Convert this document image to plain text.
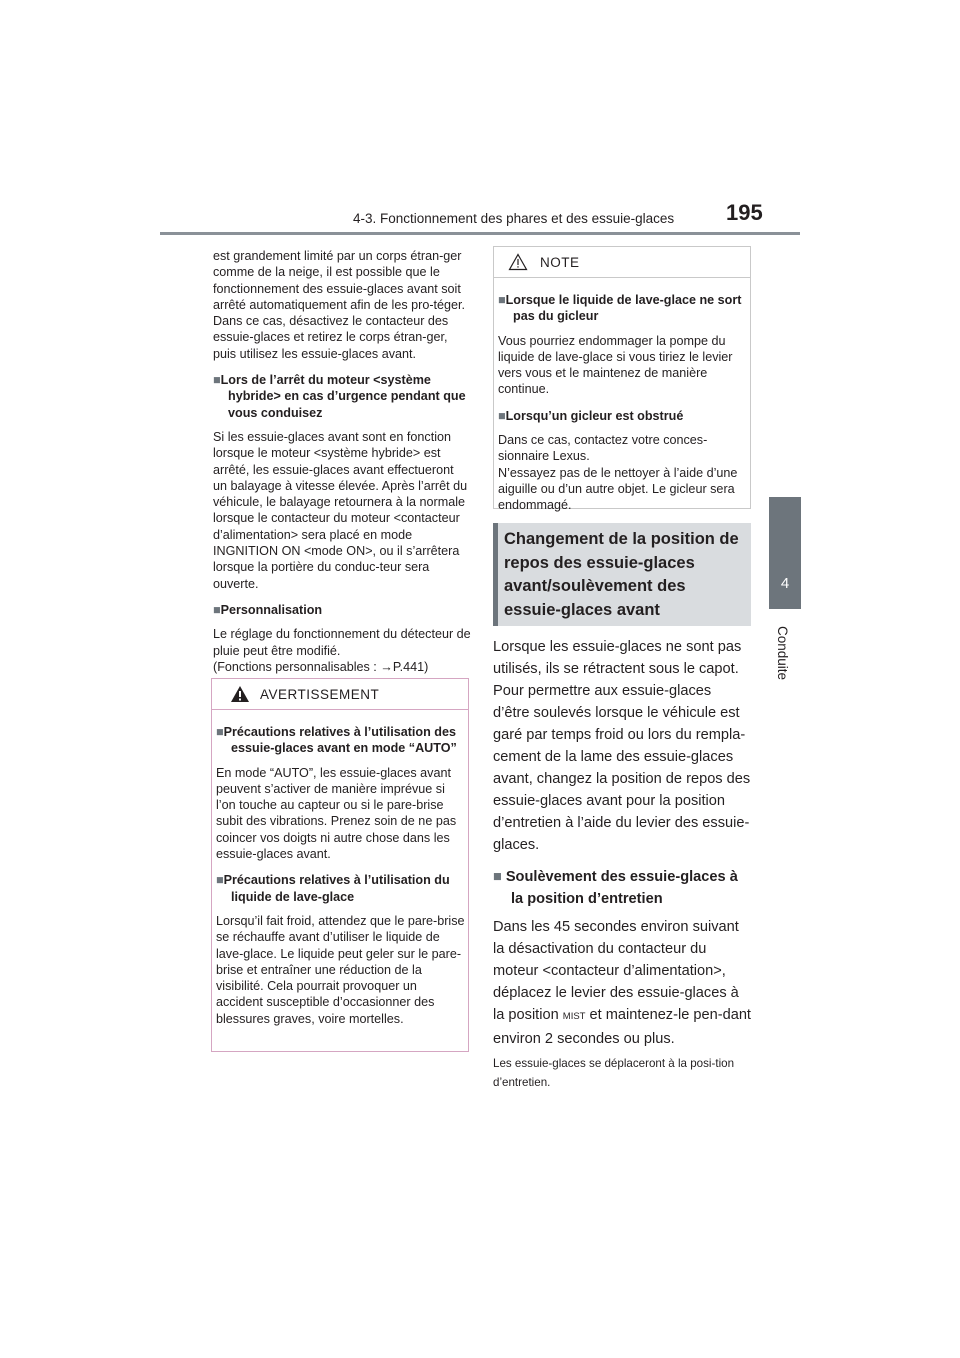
4-3. Fonctionnement des phares et des essuie-glaces 195
4
Conduite

est grandement limité par un corps étran-ger comme de la neige, il est possible que le fonctionnement des essuie-glaces avant soit arrêté automatiquement afin de les pro-téger. Dans ce cas, désactivez le contacteur des essuie-glaces et retirez le corps étran-ger, puis utilisez les essuie-glaces avant.

■Lors de l’arrêt du moteur <système hybride> en cas d’urgence pendant que vous conduisez

Si les essuie-glaces avant sont en fonction lorsque le moteur <système hybride> est arrêté, les essuie-glaces avant effectueront un balayage à vitesse élevée. Après l’arrêt du véhicule, le balayage retournera à la normale lorsque le contacteur du moteur <contacteur d’alimentation> sera placé en mode INGNITION ON <mode ON>, ou il s’arrêtera lorsque la portière du conduc-teur sera ouverte.

■Personnalisation

Le réglage du fonctionnement du détecteur de pluie peut être modifié.

(Fonctions personnalisables : →P.441)

AVERTISSEMENT

■Précautions relatives à l’utilisation des essuie-glaces avant en mode “AUTO”

En mode “AUTO”, les essuie-glaces avant peuvent s’activer de manière imprévue si l’on touche au capteur ou si le pare-brise subit des vibrations. Prenez soin de ne pas coincer vos doigts ni autre chose dans les essuie-glaces avant.

■Précautions relatives à l’utilisation du liquide de lave-glace

Lorsqu’il fait froid, attendez que le pare-brise se réchauffe avant d’utiliser le liquide de lave-glace. Le liquide peut geler sur le pare-brise et entraîner une réduction de la visibilité. Cela pourrait provoquer un accident susceptible d’occasionner des blessures graves, voire mortelles.

NOTE

■Lorsque le liquide de lave-glace ne sort pas du gicleur

Vous pourriez endommager la pompe du liquide de lave-glace si vous tiriez le levier vers vous et le maintenez de manière continue.

■Lorsqu’un gicleur est obstrué

Dans ce cas, contactez votre conces-sionnaire Lexus.

N’essayez pas de le nettoyer à l’aide d’une aiguille ou d’un autre objet. Le gicleur sera endommagé.

Changement de la position de repos des essuie-glaces avant/soulèvement des essuie-glaces avant

Lorsque les essuie-glaces ne sont pas utilisés, ils se rétractent sous le capot. Pour permettre aux essuie-glaces d’être soulevés lorsque le véhicule est garé par temps froid ou lors du rempla-cement de la lame des essuie-glaces avant, changez la position de repos des essuie-glaces avant pour la position d’entretien à l’aide du levier des essuie-glaces.

■ Soulèvement des essuie-glaces à la position d’entretien

Dans les 45 secondes environ suivant la désactivation du contacteur du moteur <contacteur d’alimentation>, déplacez le levier des essuie-glaces à la position MIST et maintenez-le pen-dant environ 2 secondes ou plus.

Les essuie-glaces se déplaceront à la posi-tion d’entretien.
